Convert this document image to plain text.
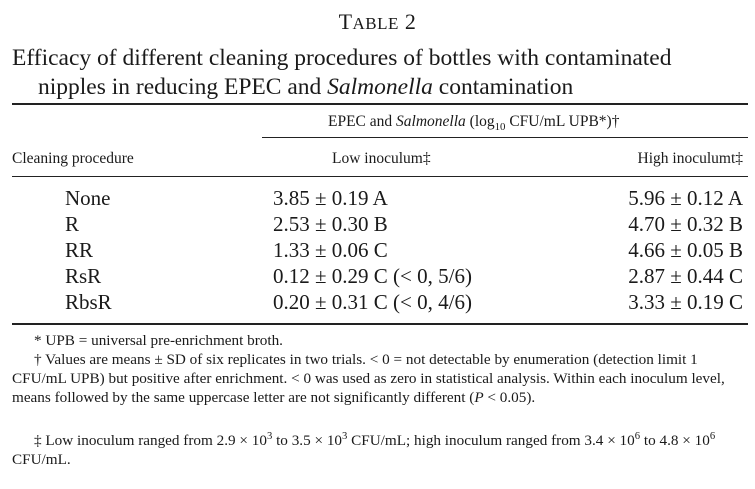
TABLE 2
Efficacy of different cleaning procedures of bottles with contaminated
nipples in reducing EPEC and Salmonella contamination
EPEC and Salmonella ($\log_{10}$ CFU/mL UPB*)†
Cleaning procedure	Low inoculum‡	High inoculumt‡
None	3.85 ± 0.19 A	5.96 ± 0.12 A
R	2.53 ± 0.30 B	4.70 ± 0.32 B
RR	1.33 ± 0.06 C	4.66 ± 0.05 B
RsR	0.12 ± 0.29 C (< 0, 5/6)	2.87 ± 0.44 C
RbsR	0.20 ± 0.31 C (< 0, 4/6)	3.33 ± 0.19 C
* UPB = universal pre-enrichment broth.
† Values are means ± SD of six replicates in two trials. < 0 = not detectable by enumeration (detection limit 1 CFU/mL UPB) but positive after enrichment. < 0 was used as zero in statistical analysis. Within each inoculum level, means followed by the same uppercase letter are not significantly different (P < 0.05).
‡ Low inoculum ranged from $2.9 \times 10^3$ to $3.5 \times 10^3$ CFU/mL; high inoculum ranged from $3.4 \times 10^6$ to $4.8 \times 10^6$ CFU/mL.
